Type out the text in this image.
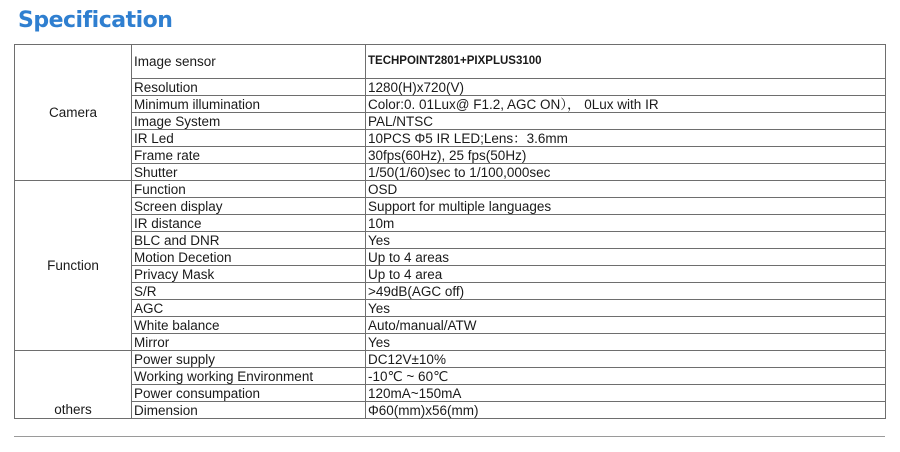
Specification
Camera	Image sensor	TECHPOINT2801+PIXPLUS3100
	Resolution	1280(H)x720(V)
	Minimum illumination	Color:0. 01Lux@ F1.2, AGC ON）， 0Lux with IR
	Image System	PAL/NTSC
	IR Led	10PCS Φ5 IR LED;Lens：3.6mm
	Frame rate	30fps(60Hz), 25 fps(50Hz)
	Shutter	1/50(1/60)sec to 1/100,000sec
Function	Function	OSD
	Screen display	Support for multiple languages
	IR distance	10m
	BLC and DNR	Yes
	Motion Decetion	Up to 4 areas
	Privacy Mask	Up to 4 area
	S/R	>49dB(AGC off)
	AGC	Yes
	White balance	Auto/manual/ATW
	Mirror	Yes
others	Power supply	DC12V±10%
	Working working Environment	-10℃ ~ 60℃
	Power consumpation	120mA~150mA
	Dimension	Φ60(mm)x56(mm)
